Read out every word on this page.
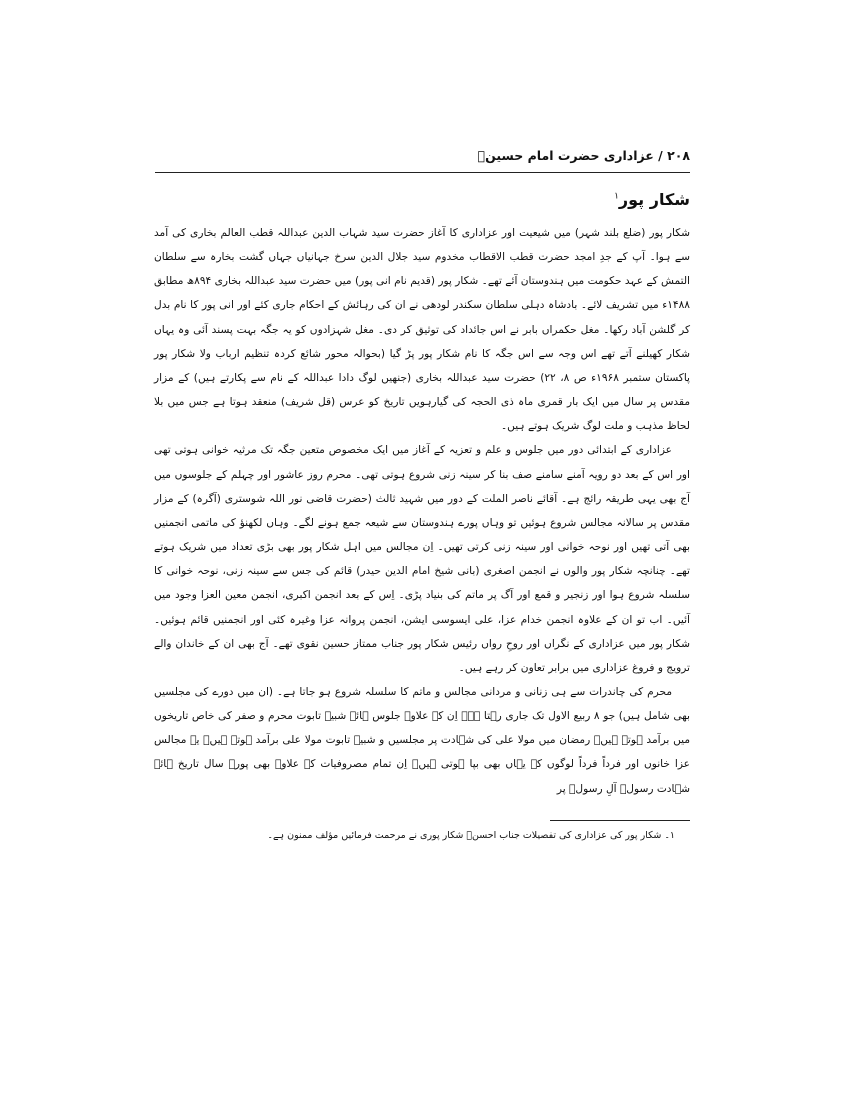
۲۰۸ / عزاداری حضرت امام حسینؑ
شکار پور$^۱$

شکار پور (ضلع بلند شہر) میں شیعیت اور عزاداری کا آغاز حضرت سید شہاب الدین عبداللہ قطب العالم بخاری کی آمد سے ہوا۔ آپ کے جدِ امجد حضرت قطب الاقطاب مخدوم سید جلال الدین سرخ جہانیاں جہاں گشت بخارہ سے سلطان التمش کے عہد حکومت میں ہندوستان آئے تھے۔ شکار پور (قدیم نام انی پور) میں حضرت سید عبداللہ بخاری ۸۹۴ھ مطابق ۱۴۸۸ء میں تشریف لائے۔ بادشاہ دہلی سلطان سکندر لودھی نے ان کی رہائش کے احکام جاری کئے اور انی پور کا نام بدل کر گلشن آباد رکھا۔ مغل حکمراں بابر نے اس جائداد کی توثیق کر دی۔ مغل شہزادوں کو یہ جگہ بہت پسند آئی وہ یہاں شکار کھیلنے آتے تھے اس وجہ سے اس جگہ کا نام شکار پور پڑ گیا (بحوالہ محور شائع کردہ تنظیم ارباب ولا شکار پور پاکستان ستمبر ۱۹۶۸ء ص ۸، ۲۲) حضرت سید عبداللہ بخاری (جنھیں لوگ دادا عبداللہ کے نام سے پکارتے ہیں) کے مزار مقدس پر سال میں ایک بار قمری ماہ ذی الحجہ کی گیارہویں تاریخ کو عرس (قل شریف) منعقد ہوتا ہے جس میں بلا لحاظ مذہب و ملت لوگ شریک ہوتے ہیں۔

عزاداری کے ابتدائی دور میں جلوس و علم و تعزیہ کے آغاز میں ایک مخصوص متعین جگہ تک مرثیہ خوانی ہوتی تھی اور اس کے بعد دو رویہ آمنے سامنے صف بنا کر سینہ زنی شروع ہوتی تھی۔ محرم روز عاشور اور چہلم کے جلوسوں میں آج بھی یہی طریقہ رائج ہے۔ آقائے ناصر الملت کے دور میں شہید ثالث (حضرت قاضی نور اللہ شوستری (آگرہ) کے مزار مقدس پر سالانہ مجالس شروع ہوئیں تو وہاں پورے ہندوستان سے شیعہ جمع ہونے لگے۔ وہاں لکھنؤ کی ماتمی انجمنیں بھی آتی تھیں اور نوحہ خوانی اور سینہ زنی کرتی تھیں۔ اِن مجالس میں اہل شکار پور بھی بڑی تعداد میں شریک ہوتے تھے۔ چنانچہ شکار پور والوں نے انجمن اصغری (بانی شیخ امام الدین حیدر) قائم کی جس سے سینہ زنی، نوحہ خوانی کا سلسلہ شروع ہوا اور زنجیر و قمع اور آگ پر ماتم کی بنیاد پڑی۔ اِس کے بعد انجمن اکبری، انجمن معین العزا وجود میں آئیں۔ اب تو ان کے علاوہ انجمن خدام عزا، علی ایسوسی ایشن، انجمن پروانہ عزا وغیرہ کئی اور انجمنیں قائم ہوئیں۔ شکار پور میں عزاداری کے نگراں اور روحِ رواں رئیس شکار پور جناب ممتاز حسین نقوی تھے۔ آج بھی ان کے خاندان والے ترویج و فروغ عزاداری میں برابر تعاون کر رہے ہیں۔

محرم کی چاندرات سے ہی زنانی و مردانی مجالس و ماتم کا سلسلہ شروع ہو جاتا ہے۔ (ان میں دورے کی مجلسیں بھی شامل ہیں) جو ۸ ربیع الاول تک جاری رہتا ہے۔ اِن کے علاوہ جلوس ہائے شبیہ تابوت محرم و صفر کی خاص تاریخوں میں برآمد ہوتے ہیں۔ رمضان میں مولا علی کی شہادت پر مجلسیں و شبیہ تابوت مولا علی برآمد ہوتے ہیں۔ یہ مجالس عزا خانوں اور فرداً فرداً لوگوں کے یہاں بھی بپا ہوتی ہیں۔ اِن تمام مصروفیات کے علاوہ بھی پورے سال تاریخ ہائے شہادت رسولؐ آلِ رسولؐ پر

۱۔ شکار پور کی عزاداری کی تفصیلات جناب احسنؔ شکار پوری نے مرحمت فرمائیں مؤلف ممنون ہے۔
